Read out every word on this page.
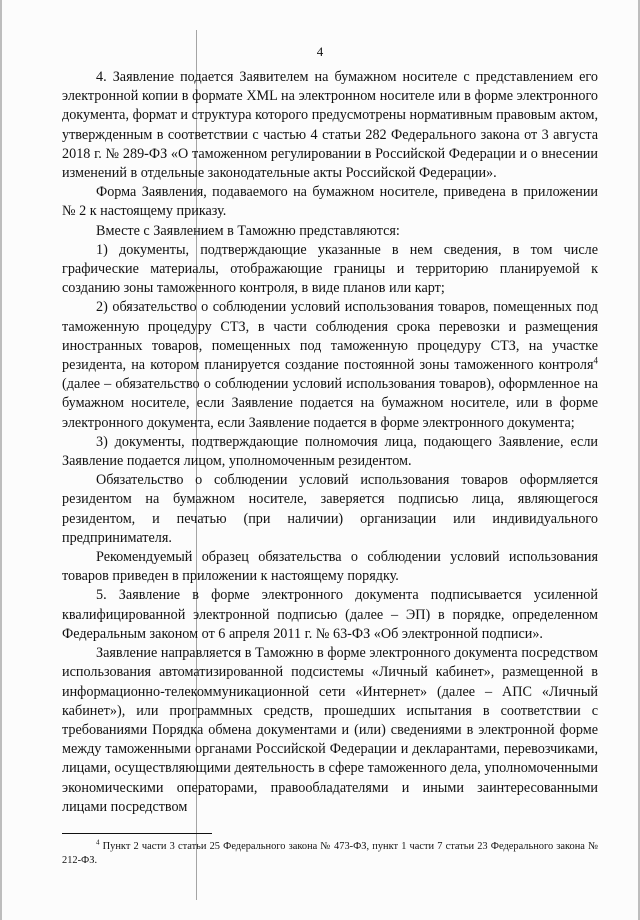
4

4. Заявление подается Заявителем на бумажном носителе с представлением его электронной копии в формате XML на электронном носителе или в форме электронного документа, формат и структура которого предусмотрены нормативным правовым актом, утвержденным в соответствии с частью 4 статьи 282 Федерального закона от 3 августа 2018 г. № 289-ФЗ «О таможенном регулировании в Российской Федерации и о внесении изменений в отдельные законодательные акты Российской Федерации».

Форма Заявления, подаваемого на бумажном носителе, приведена в приложении № 2 к настоящему приказу.

Вместе с Заявлением в Таможню представляются:

1) документы, подтверждающие указанные в нем сведения, в том числе графические материалы, отображающие границы и территорию планируемой к созданию зоны таможенного контроля, в виде планов или карт;

2) обязательство о соблюдении условий использования товаров, помещенных под таможенную процедуру СТЗ, в части соблюдения срока перевозки и размещения иностранных товаров, помещенных под таможенную процедуру СТЗ, на участке резидента, на котором планируется создание постоянной зоны таможенного контроля$^4$ (далее – обязательство о соблюдении условий использования товаров), оформленное на бумажном носителе, если Заявление подается на бумажном носителе, или в форме электронного документа, если Заявление подается в форме электронного документа;

3) документы, подтверждающие полномочия лица, подающего Заявление, если Заявление подается лицом, уполномоченным резидентом.

Обязательство о соблюдении условий использования товаров оформляется резидентом на бумажном носителе, заверяется подписью лица, являющегося резидентом, и печатью (при наличии) организации или индивидуального предпринимателя.

Рекомендуемый образец обязательства о соблюдении условий использования товаров приведен в приложении к настоящему порядку.

5. Заявление в форме электронного документа подписывается усиленной квалифицированной электронной подписью (далее – ЭП) в порядке, определенном Федеральным законом от 6 апреля 2011 г. № 63-ФЗ «Об электронной подписи».

Заявление направляется в Таможню в форме электронного документа посредством использования автоматизированной подсистемы «Личный кабинет», размещенной в информационно-телекоммуникационной сети «Интернет» (далее – АПС «Личный кабинет»), или программных средств, прошедших испытания в соответствии с требованиями Порядка обмена документами и (или) сведениями в электронной форме между таможенными органами Российской Федерации и декларантами, перевозчиками, лицами, осуществляющими деятельность в сфере таможенного дела, уполномоченными экономическими операторами, правообладателями и иными заинтересованными лицами посредством

$^4$ Пункт 2 части 3 статьи 25 Федерального закона № 473-ФЗ, пункт 1 части 7 статьи 23 Федерального закона № 212-ФЗ.
